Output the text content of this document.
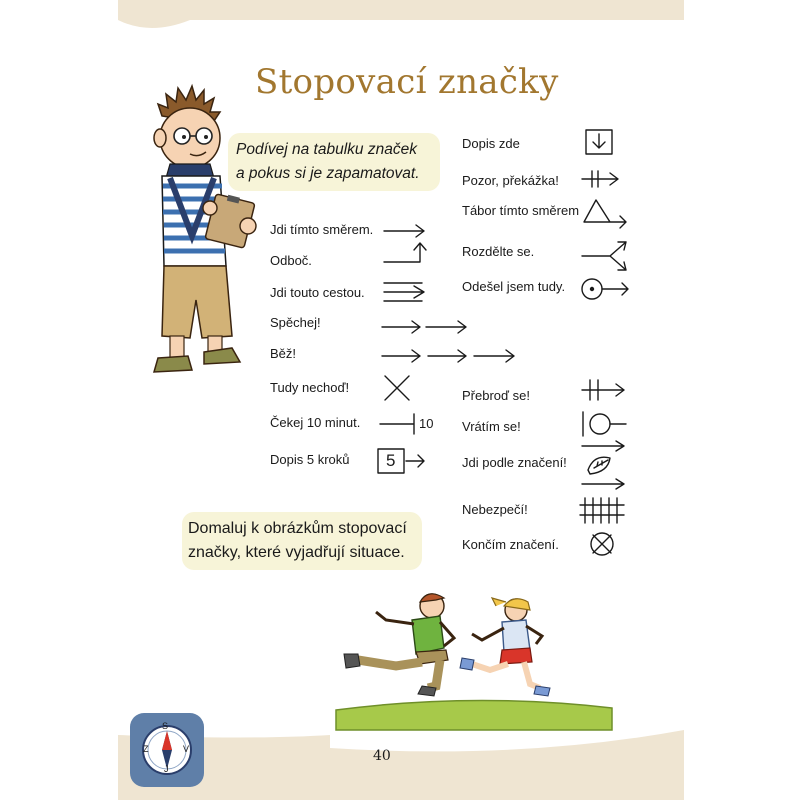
Stopovací značky
Podívej na tabulku značek
a pokus si je zapamatovat.
Jdi tímto směrem.
Odboč.
Jdi touto cestou.
Spěchej!
Běž!
Tudy nechoď!
Čekej 10 minut.
Dopis 5 kroků
10
5
Dopis zde
Pozor, překážka!
Tábor tímto směrem
Rozdělte se.
Odešel jsem tudy.
Přebroď se!
Vrátím se!
Jdi podle značení!
Nebezpečí!
Končím značení.
Domaluj k obrázkům stopovací
značky, které vyjadřují situace.
S
V
Z
J
40
